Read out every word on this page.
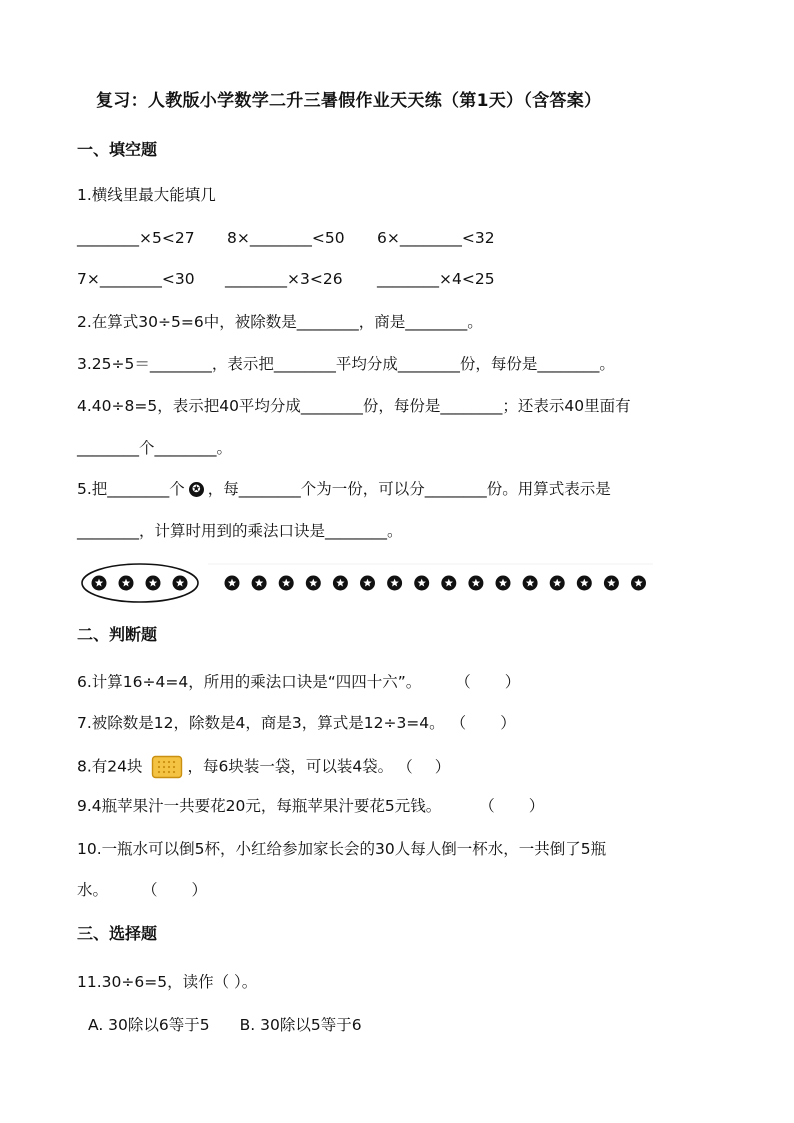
复习：人教版小学数学二升三暑假作业天天练（第1天）（含答案）

一、填空题

1.横线里最大能填几

________×5<27 8×________<50 6×________<32

7×________<30 ________×3<26 ________×4<25

2.在算式30÷5=6中，被除数是________，商是________。

3.25÷5＝________，表示把________平均分成________份，每份是________。

4.40÷8=5，表示把40平均分成________份，每份是________；还表示40里面有

________个________。

5.把________个 ✪ ，每________个为一份，可以分________份。用算式表示是

________，计算时用到的乘法口诀是________。

二、判断题

6.计算16÷4=4，所用的乘法口诀是“四四十六”。 （ ）

7.被除数是12，除数是4，商是3，算式是12÷3=4。 （ ）

8.有24块	，每6块装一袋，可以装4袋。 （ ）

9.4瓶苹果汁一共要花20元，每瓶苹果汁要花5元钱。 （ ）

10.一瓶水可以倒5杯，小红给参加家长会的30人每人倒一杯水，一共倒了5瓶

水。 （ ）

三、选择题

11.30÷6=5，读作（ ）。

A. 30除以6等于5 B. 30除以5等于6
